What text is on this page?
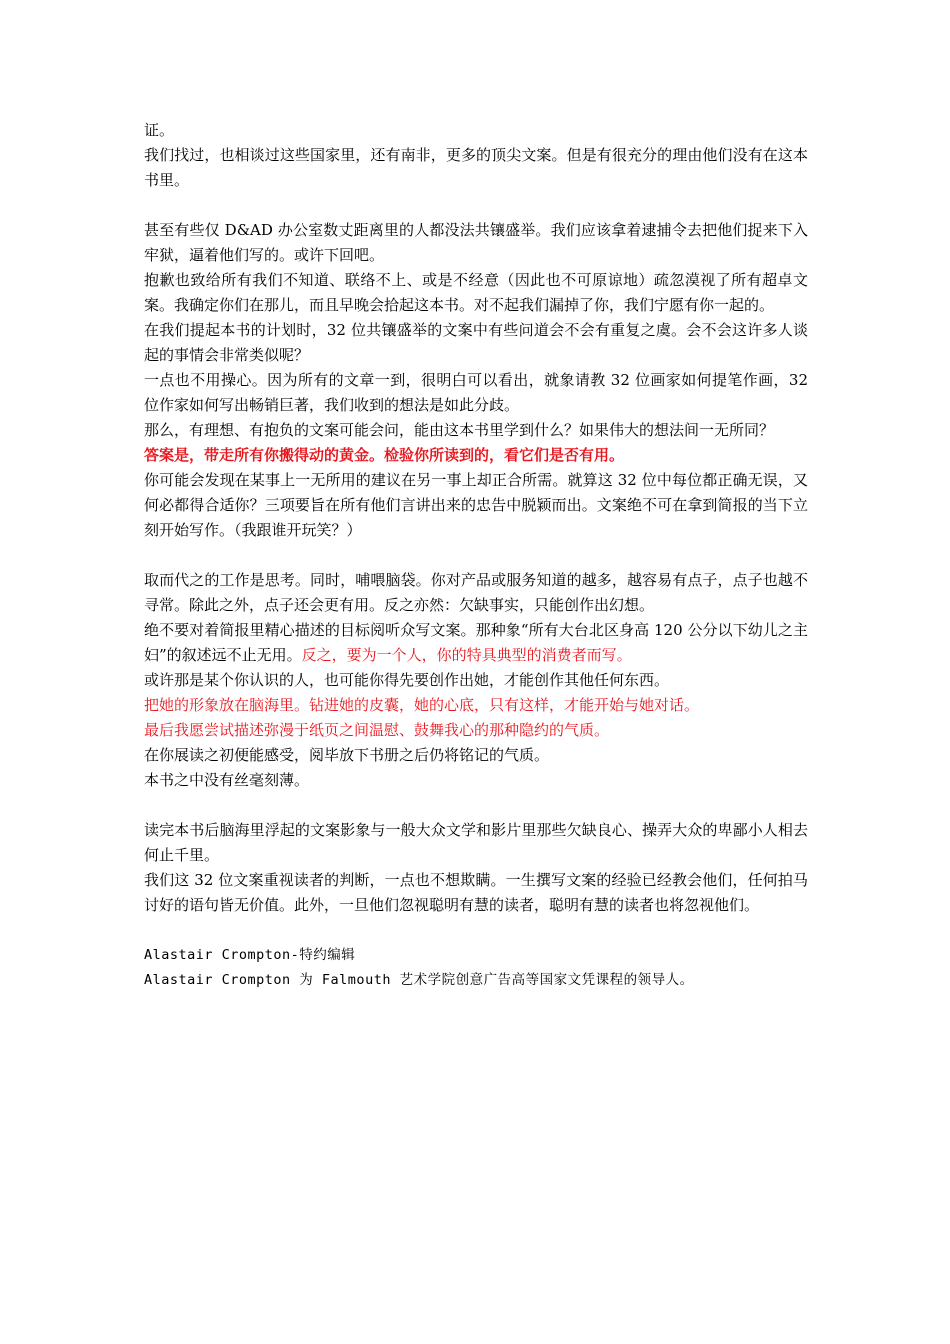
证。

我们找过，也相谈过这些国家里，还有南非，更多的顶尖文案。但是有很充分的理由他们没有在这本书里。

甚至有些仅 D&AD 办公室数丈距离里的人都没法共镶盛举。我们应该拿着逮捕令去把他们捉来下入牢狱，逼着他们写的。或许下回吧。

抱歉也致给所有我们不知道、联络不上、或是不经意（因此也不可原谅地）疏忽漠视了所有超卓文案。我确定你们在那儿，而且早晚会拾起这本书。对不起我们漏掉了你，我们宁愿有你一起的。

在我们提起本书的计划时，32 位共镶盛举的文案中有些问道会不会有重复之虞。会不会这许多人谈起的事情会非常类似呢？

一点也不用操心。因为所有的文章一到，很明白可以看出，就象请教 32 位画家如何提笔作画，32 位作家如何写出畅销巨著，我们收到的想法是如此分歧。

那么，有理想、有抱负的文案可能会问，能由这本书里学到什么？如果伟大的想法间一无所同？

答案是，带走所有你搬得动的黄金。检验你所读到的，看它们是否有用。

你可能会发现在某事上一无所用的建议在另一事上却正合所需。就算这 32 位中每位都正确无误，又何必都得合适你？三项要旨在所有他们言讲出来的忠告中脱颖而出。文案绝不可在拿到简报的当下立刻开始写作。（我跟谁开玩笑？）

取而代之的工作是思考。同时，哺喂脑袋。你对产品或服务知道的越多，越容易有点子，点子也越不寻常。除此之外，点子还会更有用。反之亦然：欠缺事实，只能创作出幻想。

绝不要对着简报里精心描述的目标阅听众写文案。那种象“所有大台北区身高 120 公分以下幼儿之主妇”的叙述远不止无用。反之，要为一个人，你的特具典型的消费者而写。

或许那是某个你认识的人，也可能你得先要创作出她，才能创作其他任何东西。

把她的形象放在脑海里。钻进她的皮囊，她的心底，只有这样，才能开始与她对话。

最后我愿尝试描述弥漫于纸页之间温慰、鼓舞我心的那种隐约的气质。

在你展读之初便能感受，阅毕放下书册之后仍将铭记的气质。

本书之中没有丝毫刻薄。

读完本书后脑海里浮起的文案影象与一般大众文学和影片里那些欠缺良心、操弄大众的卑鄙小人相去何止千里。

我们这 32 位文案重视读者的判断，一点也不想欺瞒。一生撰写文案的经验已经教会他们，任何拍马讨好的语句皆无价值。此外，一旦他们忽视聪明有慧的读者，聪明有慧的读者也将忽视他们。

Alastair Crompton-特约编辑

Alastair Crompton 为 Falmouth 艺术学院创意广告高等国家文凭课程的领导人。
